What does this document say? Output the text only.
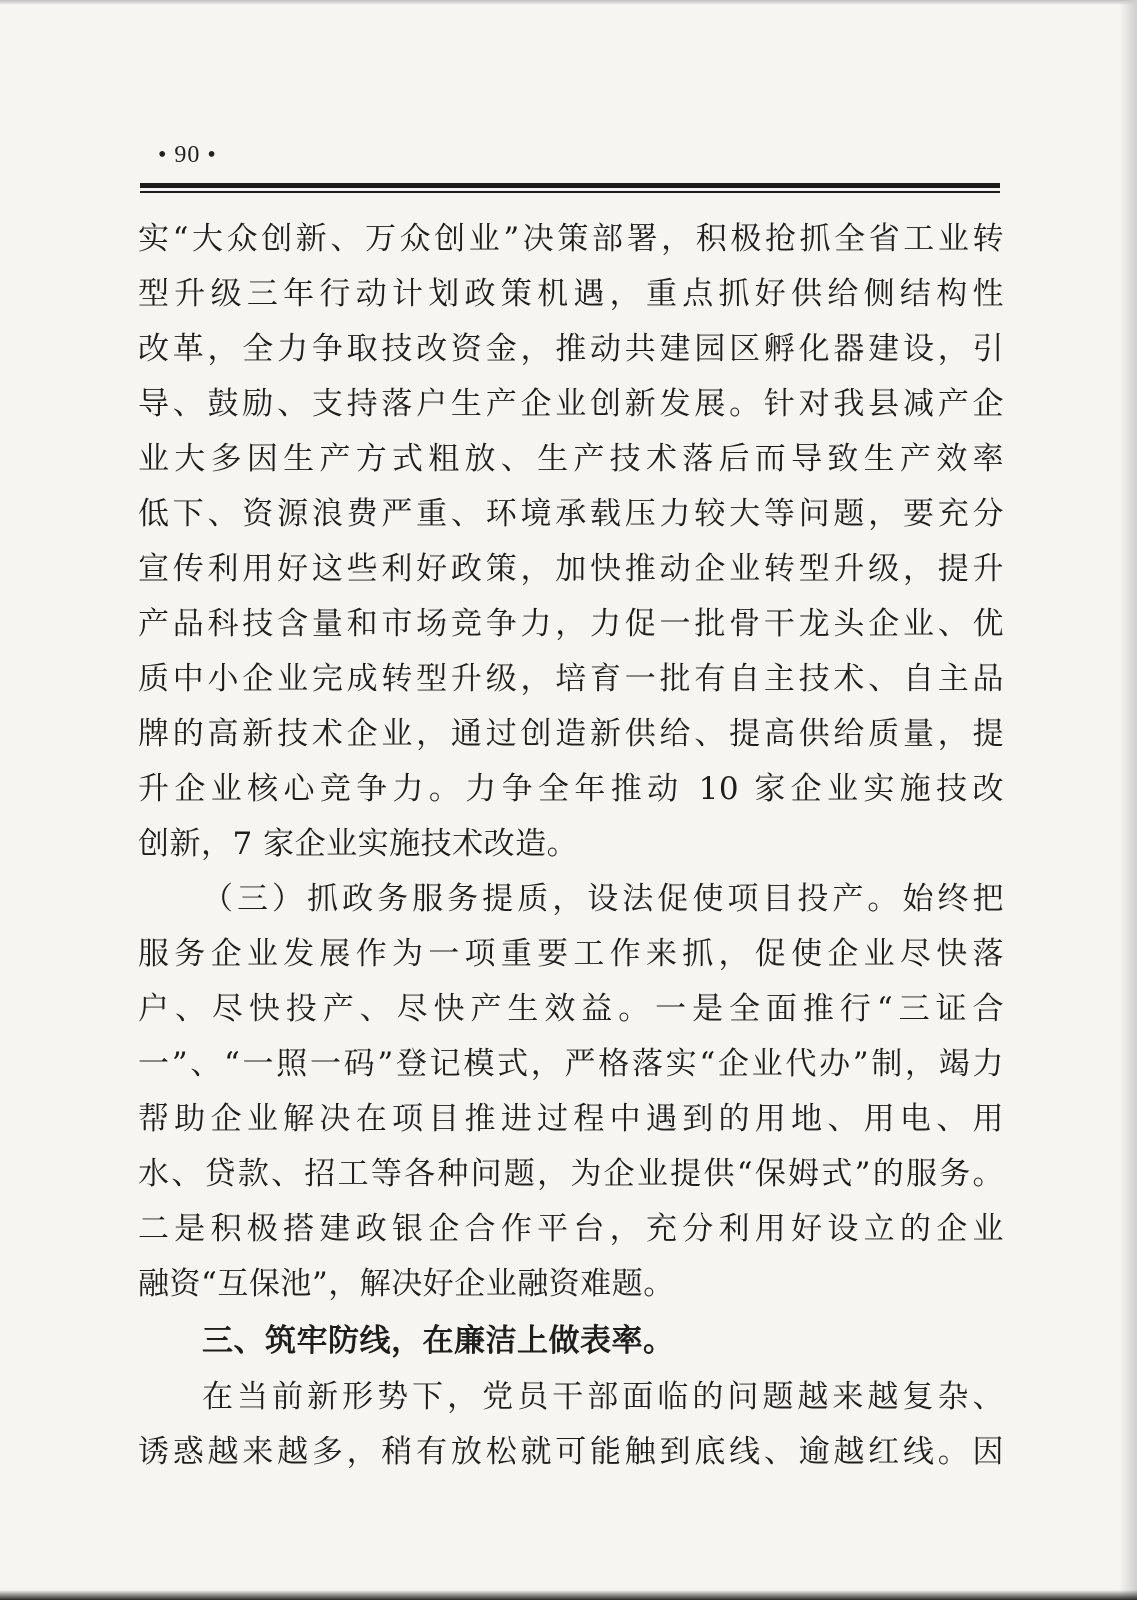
• 90 •
实“大众创新、万众创业”决策部署，积极抢抓全省工业转
型升级三年行动计划政策机遇，重点抓好供给侧结构性
改革，全力争取技改资金，推动共建园区孵化器建设，引
导、鼓励、支持落户生产企业创新发展。针对我县减产企
业大多因生产方式粗放、生产技术落后而导致生产效率
低下、资源浪费严重、环境承载压力较大等问题，要充分
宣传利用好这些利好政策，加快推动企业转型升级，提升
产品科技含量和市场竞争力，力促一批骨干龙头企业、优
质中小企业完成转型升级，培育一批有自主技术、自主品
牌的高新技术企业，通过创造新供给、提高供给质量，提
升企业核心竞争力。力争全年推动 10 家企业实施技改
创新，7 家企业实施技术改造。
（三）抓政务服务提质，设法促使项目投产。始终把
服务企业发展作为一项重要工作来抓，促使企业尽快落
户、尽快投产、尽快产生效益。一是全面推行“三证合
一”、“一照一码”登记模式，严格落实“企业代办”制，竭力
帮助企业解决在项目推进过程中遇到的用地、用电、用
水、贷款、招工等各种问题，为企业提供“保姆式”的服务。
二是积极搭建政银企合作平台，充分利用好设立的企业
融资“互保池”，解决好企业融资难题。
三、筑牢防线，在廉洁上做表率。
在当前新形势下，党员干部面临的问题越来越复杂、
诱惑越来越多，稍有放松就可能触到底线、逾越红线。因
